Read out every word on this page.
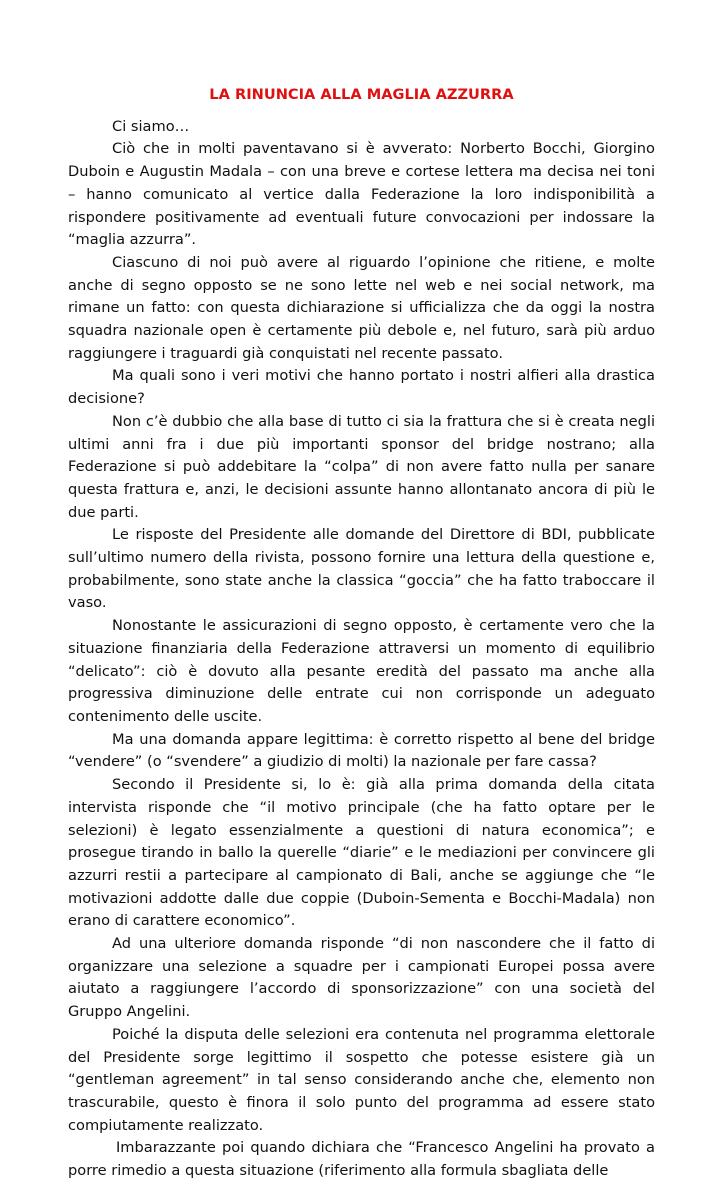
LA RINUNCIA ALLA MAGLIA AZZURRA

Ci siamo…

Ciò che in molti paventavano si è avverato: Norberto Bocchi, Giorgino Duboin e Augustin Madala – con una breve e cortese lettera ma decisa nei toni – hanno comunicato al vertice dalla Federazione la loro indisponibilità a rispondere positivamente ad eventuali future convocazioni per indossare la “maglia azzurra”.

Ciascuno di noi può avere al riguardo l’opinione che ritiene, e molte anche di segno opposto se ne sono lette nel web e nei social network, ma rimane un fatto: con questa dichiarazione si ufficializza che da oggi la nostra squadra nazionale open è certamente più debole e, nel futuro, sarà più arduo raggiungere i traguardi già conquistati nel recente passato.

Ma quali sono i veri motivi che hanno portato i nostri alfieri alla drastica decisione?

Non c’è dubbio che alla base di tutto ci sia la frattura che si è creata negli ultimi anni fra i due più importanti sponsor del bridge nostrano; alla Federazione si può addebitare la “colpa” di non avere fatto nulla per sanare questa frattura e, anzi, le decisioni assunte hanno allontanato ancora di più le due parti.

Le risposte del Presidente alle domande del Direttore di BDI, pubblicate sull’ultimo numero della rivista, possono fornire una lettura della questione e, probabilmente, sono state anche la classica “goccia” che ha fatto traboccare il vaso.

Nonostante le assicurazioni di segno opposto, è certamente vero che la situazione finanziaria della Federazione attraversi un momento di equilibrio “delicato”: ciò è dovuto alla pesante eredità del passato ma anche alla progressiva diminuzione delle entrate cui non corrisponde un adeguato contenimento delle uscite.

Ma una domanda appare legittima: è corretto rispetto al bene del bridge “vendere” (o “svendere” a giudizio di molti) la nazionale per fare cassa?

Secondo il Presidente si, lo è: già alla prima domanda della citata intervista risponde che “il motivo principale (che ha fatto optare per le selezioni) è legato essenzialmente a questioni di natura economica”; e prosegue tirando in ballo la querelle “diarie” e le mediazioni per convincere gli azzurri restii a partecipare al campionato di Bali, anche se aggiunge che “le motivazioni addotte dalle due coppie (Duboin-Sementa e Bocchi-Madala) non erano di carattere economico”.

Ad una ulteriore domanda risponde “di non nascondere che il fatto di organizzare una selezione a squadre per i campionati Europei possa avere aiutato a raggiungere l’accordo di sponsorizzazione” con una società del Gruppo Angelini.

Poiché la disputa delle selezioni era contenuta nel programma elettorale del Presidente sorge legittimo il sospetto che potesse esistere già un “gentleman agreement” in tal senso considerando anche che, elemento non trascurabile, questo è finora il solo punto del programma ad essere stato compiutamente realizzato.

Imbarazzante poi quando dichiara che “Francesco Angelini ha provato a porre rimedio a questa situazione (riferimento alla formula sbagliata delle
